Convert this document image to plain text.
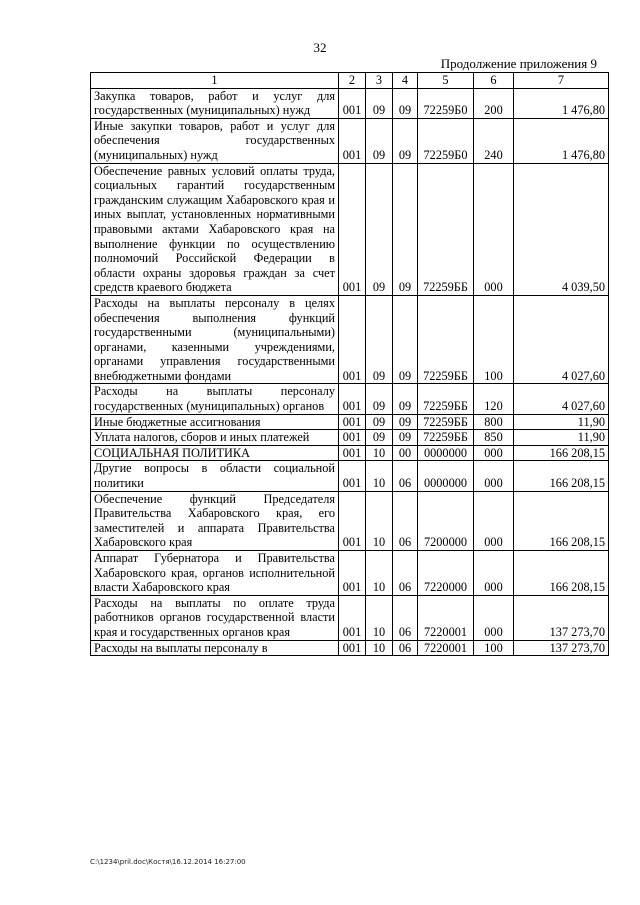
32
Продолжение приложения 9
1	2	3	4	5	6	7
Закупка товаров, работ и услуг для государственных (муниципальных) нужд	001	09	09	72259Б0	200	1 476,80
Иные закупки товаров, работ и услуг для обеспечения государственных (муниципальных) нужд	001	09	09	72259Б0	240	1 476,80
Обеспечение равных условий оплаты труда, социальных гарантий государственным гражданским служащим Хабаровского края и иных выплат, установленных нормативными правовыми актами Хабаровского края на выполнение функции по осуществлению полномочий Российской Федерации в области охраны здоровья граждан за счет средств краевого бюджета	001	09	09	72259ББ	000	4 039,50
Расходы на выплаты персоналу в целях обеспечения выполнения функций государственными (муниципальными) органами, казенными учреждениями, органами управления государственными внебюджетными фондами	001	09	09	72259ББ	100	4 027,60
Расходы на выплаты персоналу государственных (муниципальных) органов	001	09	09	72259ББ	120	4 027,60
Иные бюджетные ассигнования	001	09	09	72259ББ	800	11,90
Уплата налогов, сборов и иных платежей	001	09	09	72259ББ	850	11,90
СОЦИАЛЬНАЯ ПОЛИТИКА	001	10	00	0000000	000	166 208,15
Другие вопросы в области социальной политики	001	10	06	0000000	000	166 208,15
Обеспечение функций Председателя Правительства Хабаровского края, его заместителей и аппарата Правительства Хабаровского края	001	10	06	7200000	000	166 208,15
Аппарат Губернатора и Правительства Хабаровского края, органов исполнительной власти Хабаровского края	001	10	06	7220000	000	166 208,15
Расходы на выплаты по оплате труда работников органов государственной власти края и государственных органов края	001	10	06	7220001	000	137 273,70
Расходы на выплаты персоналу в	001	10	06	7220001	100	137 273,70
C:\1234\pril.doc\Костя\16.12.2014 16:27:00
